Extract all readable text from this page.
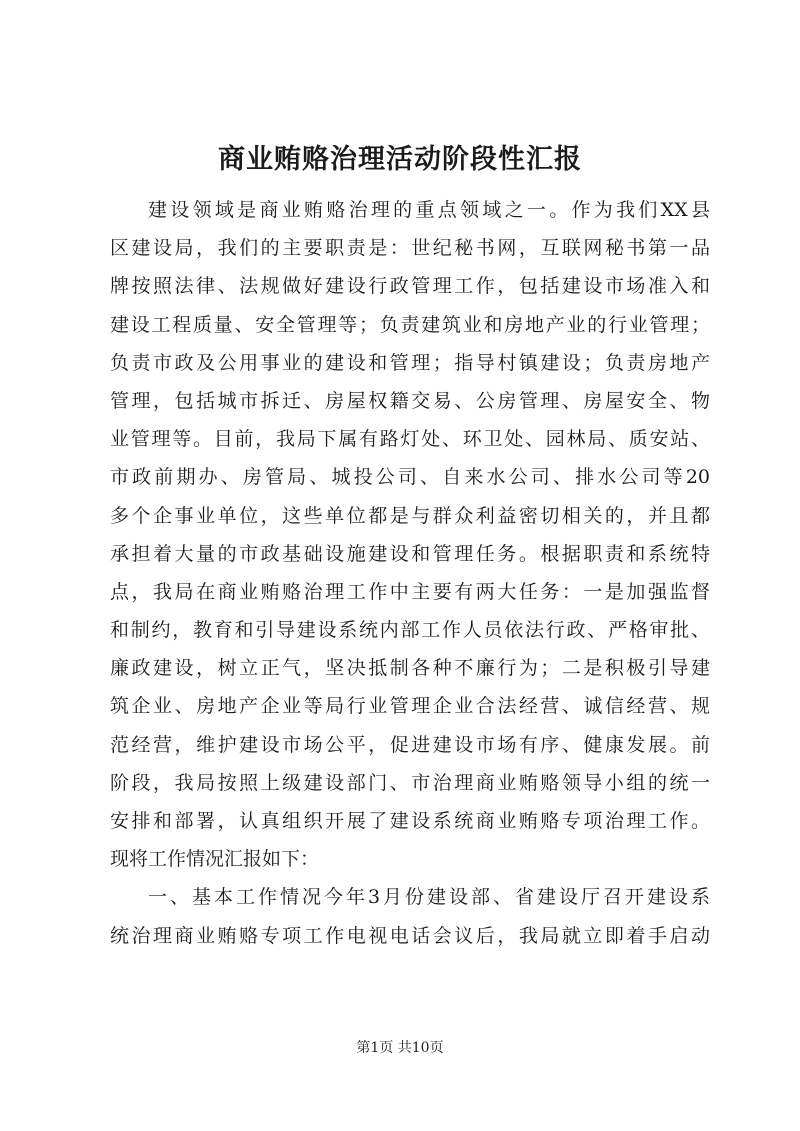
商业贿赂治理活动阶段性汇报
建设领域是商业贿赂治理的重点领域之一。作为我们XX县
区建设局，我们的主要职责是：世纪秘书网，互联网秘书第一品
牌按照法律、法规做好建设行政管理工作，包括建设市场准入和
建设工程质量、安全管理等；负责建筑业和房地产业的行业管理；
负责市政及公用事业的建设和管理；指导村镇建设；负责房地产
管理，包括城市拆迁、房屋权籍交易、公房管理、房屋安全、物
业管理等。目前，我局下属有路灯处、环卫处、园林局、质安站、
市政前期办、房管局、城投公司、自来水公司、排水公司等20
多个企事业单位，这些单位都是与群众利益密切相关的，并且都
承担着大量的市政基础设施建设和管理任务。根据职责和系统特
点，我局在商业贿赂治理工作中主要有两大任务：一是加强监督
和制约，教育和引导建设系统内部工作人员依法行政、严格审批、
廉政建设，树立正气，坚决抵制各种不廉行为；二是积极引导建
筑企业、房地产企业等局行业管理企业合法经营、诚信经营、规
范经营，维护建设市场公平，促进建设市场有序、健康发展。前
阶段，我局按照上级建设部门、市治理商业贿赂领导小组的统一
安排和部署，认真组织开展了建设系统商业贿赂专项治理工作。
现将工作情况汇报如下：
一、基本工作情况今年3月份建设部、省建设厅召开建设系
统治理商业贿赂专项工作电视电话会议后，我局就立即着手启动
第1页 共10页
